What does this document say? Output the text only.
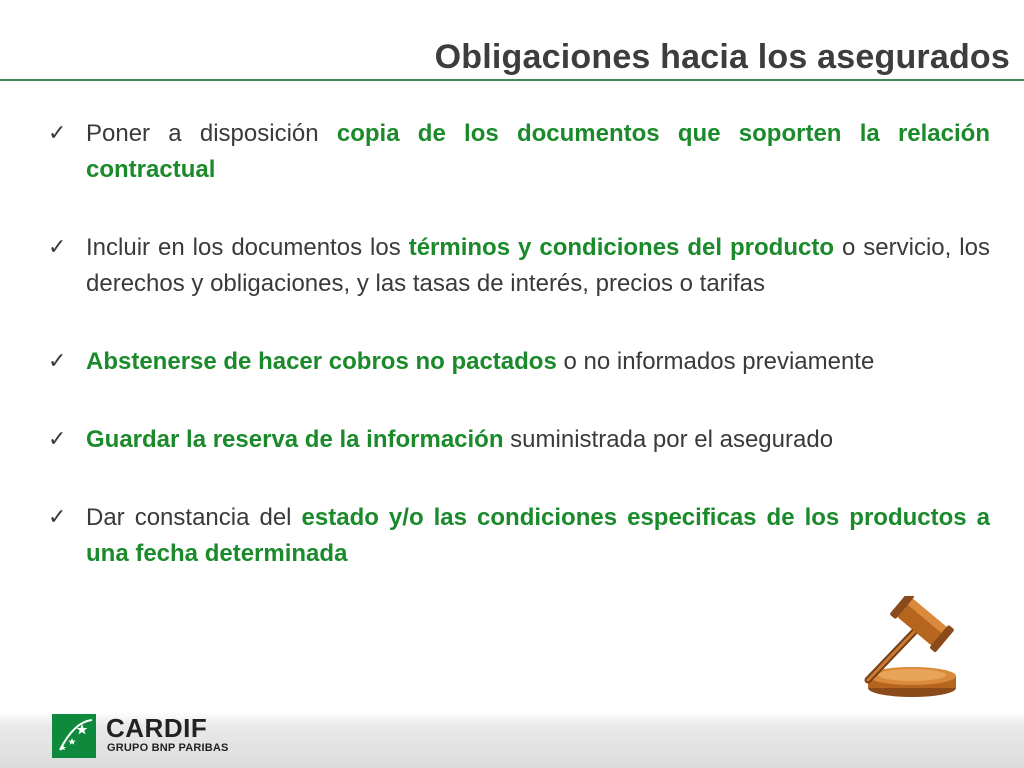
Obligaciones hacia los asegurados
✓ Poner a disposición copia de los documentos que soporten la relación contractual
✓ Incluir en los documentos los términos y condiciones del producto o servicio, los derechos y obligaciones, y las tasas de interés, precios o tarifas
✓ Abstenerse de hacer cobros no pactados o no informados previamente
✓ Guardar la reserva de la información suministrada por el asegurado
✓ Dar constancia del estado y/o las condiciones especificas de los productos a una fecha determinada
CARDIF
GRUPO BNP PARIBAS
